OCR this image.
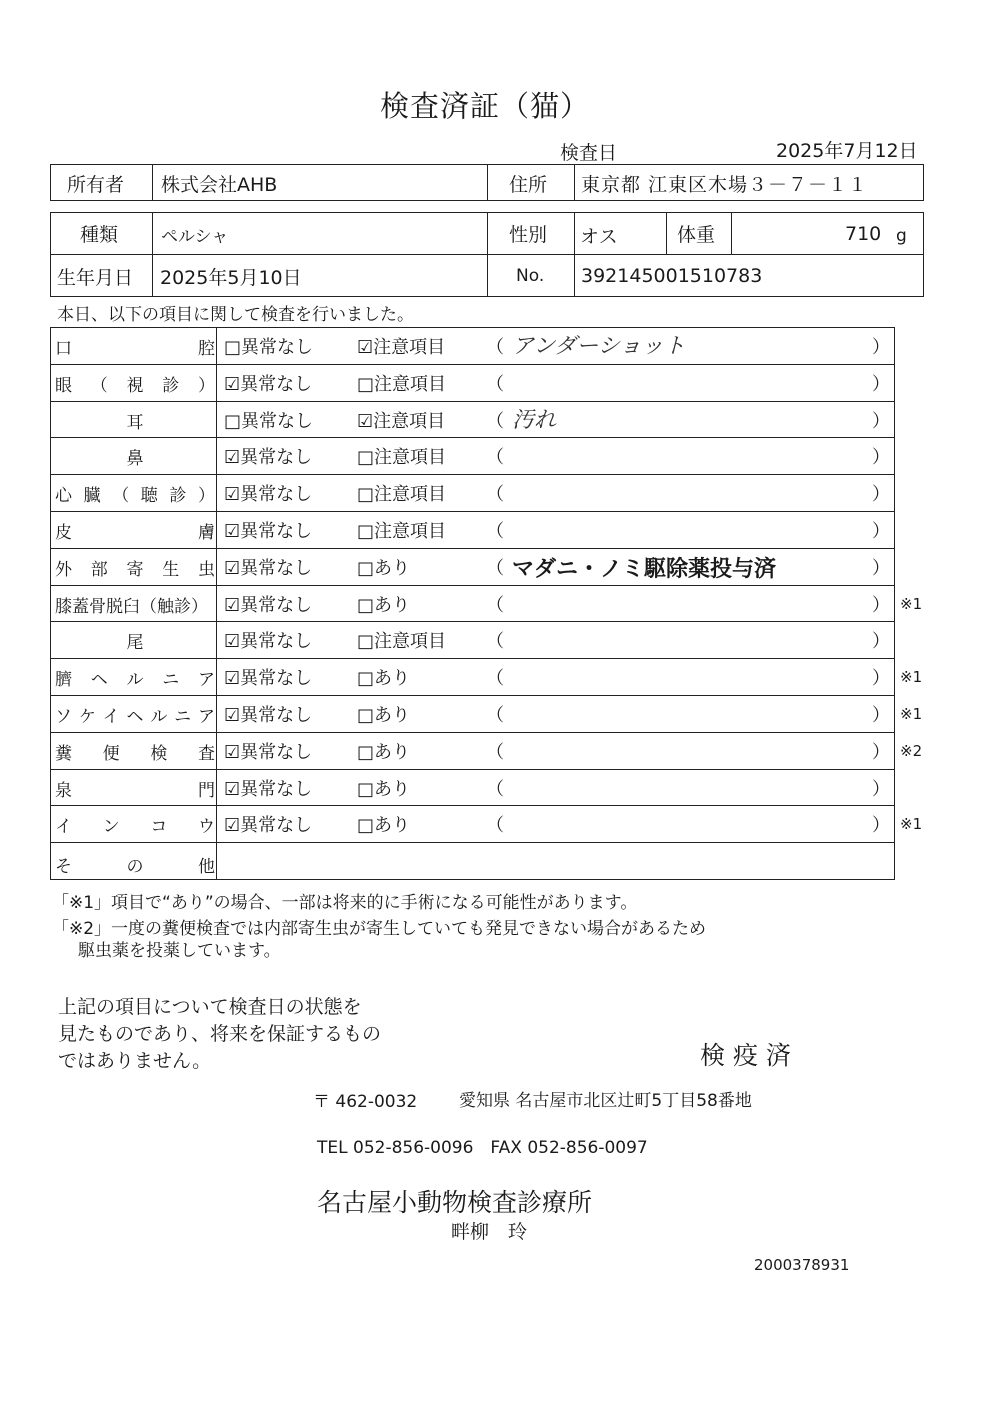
検査済証（猫）
検査日	2025年7月12日
所有者 株式会社AHB	住所 東京都 江東区木場３－７－１１
種類	ペルシャ	性別 オス	体重	710 g
生年月日 2025年5月10日	No. 392145001510783
本日、以下の項目に関して検査を行いました。
口	腔 □異常なし ☑注意項目 （ アンダーショット	）
眼 （ 視 診 ） ☑異常なし □注意項目 （	）
耳	□異常なし ☑注意項目 （ 汚れ	）
鼻	☑異常なし □注意項目 （	）
心 臓 （ 聴 診 ） ☑異常なし □注意項目 （	）
皮	膚 ☑異常なし □注意項目 （	）
外 部 寄 生 虫 ☑異常なし □あり	（ マダニ・ノミ駆除薬投与済	）
膝蓋骨脱臼（触診） ☑異常なし □あり	（	） ※1
尾	☑異常なし □注意項目 （	）
臍 ヘ ル ニ ア ☑異常なし □あり	（	） ※1
ソ ケ イ ヘ ル ニ ア ☑異常なし □あり	（	） ※1
糞 便 検 査 ☑異常なし □あり	（	） ※2
泉	門 ☑異常なし □あり	（	）
イ ン コ ウ ☑異常なし □あり	（	） ※1
そ	の	他
「※1」項目で“あり”の場合、一部は将来的に手術になる可能性があります。
「※2」一度の糞便検査では内部寄生虫が寄生していても発見できない場合があるため
駆虫薬を投薬しています。
上記の項目について検査日の状態を
見たものであり、将来を保証するもの
ではありません。	検 疫 済
〒 462-0032 愛知県 名古屋市北区辻町5丁目58番地
TEL 052-856-0096　FAX 052-856-0097
名古屋小動物検査診療所
畔柳　玲
2000378931
